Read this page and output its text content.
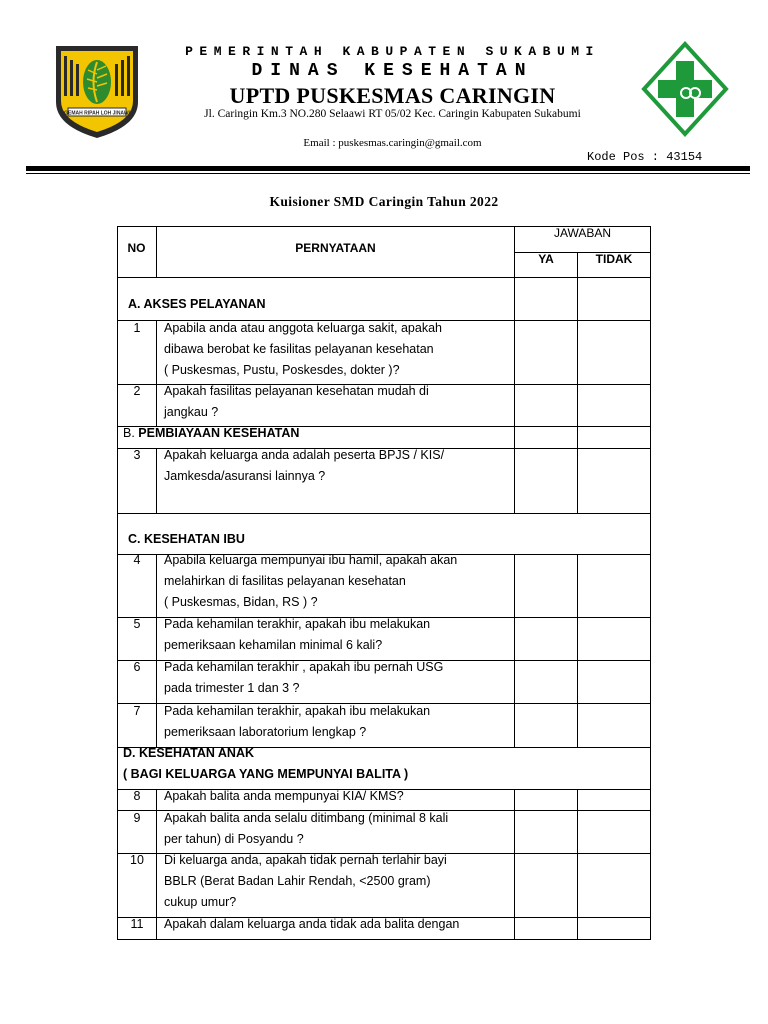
GEMAH RIPAH LOH JINAWI
PEMERINTAH KABUPATEN SUKABUMI
DINAS KESEHATAN
UPTD PUSKESMAS CARINGIN
Jl. Caringin Km.3 NO.280 Selaawi RT 05/02 Kec. Caringin Kabupaten Sukabumi
Email : puskesmas.caringin@gmail.com
Kode Pos : 43154
Kuisioner SMD Caringin Tahun 2022
NO	PERNYATAAN
JAWABAN
YA	TIDAK
A. AKSES PELAYANAN
1	Apabila anda atau anggota keluarga sakit, apakah
dibawa berobat ke fasilitas pelayanan kesehatan
( Puskesmas, Pustu, Poskesdes, dokter )?
2	Apakah fasilitas pelayanan kesehatan mudah di
jangkau ?
B. PEMBIAYAAN KESEHATAN
3	Apakah keluarga anda adalah peserta BPJS / KIS/
Jamkesda/asuransi lainnya ?
C. KESEHATAN IBU
4	Apabila keluarga mempunyai ibu hamil, apakah akan
melahirkan di fasilitas pelayanan kesehatan
( Puskesmas, Bidan, RS ) ?
5	Pada kehamilan terakhir, apakah ibu melakukan
pemeriksaan kehamilan minimal 6 kali?
6	Pada kehamilan terakhir , apakah ibu pernah USG
pada trimester 1 dan 3 ?
7	Pada kehamilan terakhir, apakah ibu melakukan
pemeriksaan laboratorium lengkap ?
D. KESEHATAN ANAK
( BAGI KELUARGA YANG MEMPUNYAI BALITA )
8	Apakah balita anda mempunyai KIA/ KMS?
9	Apakah balita anda selalu ditimbang (minimal 8 kali
per tahun) di Posyandu ?
10	Di keluarga anda, apakah tidak pernah terlahir bayi
BBLR (Berat Badan Lahir Rendah, <2500 gram)
cukup umur?
11	Apakah dalam keluarga anda tidak ada balita dengan
